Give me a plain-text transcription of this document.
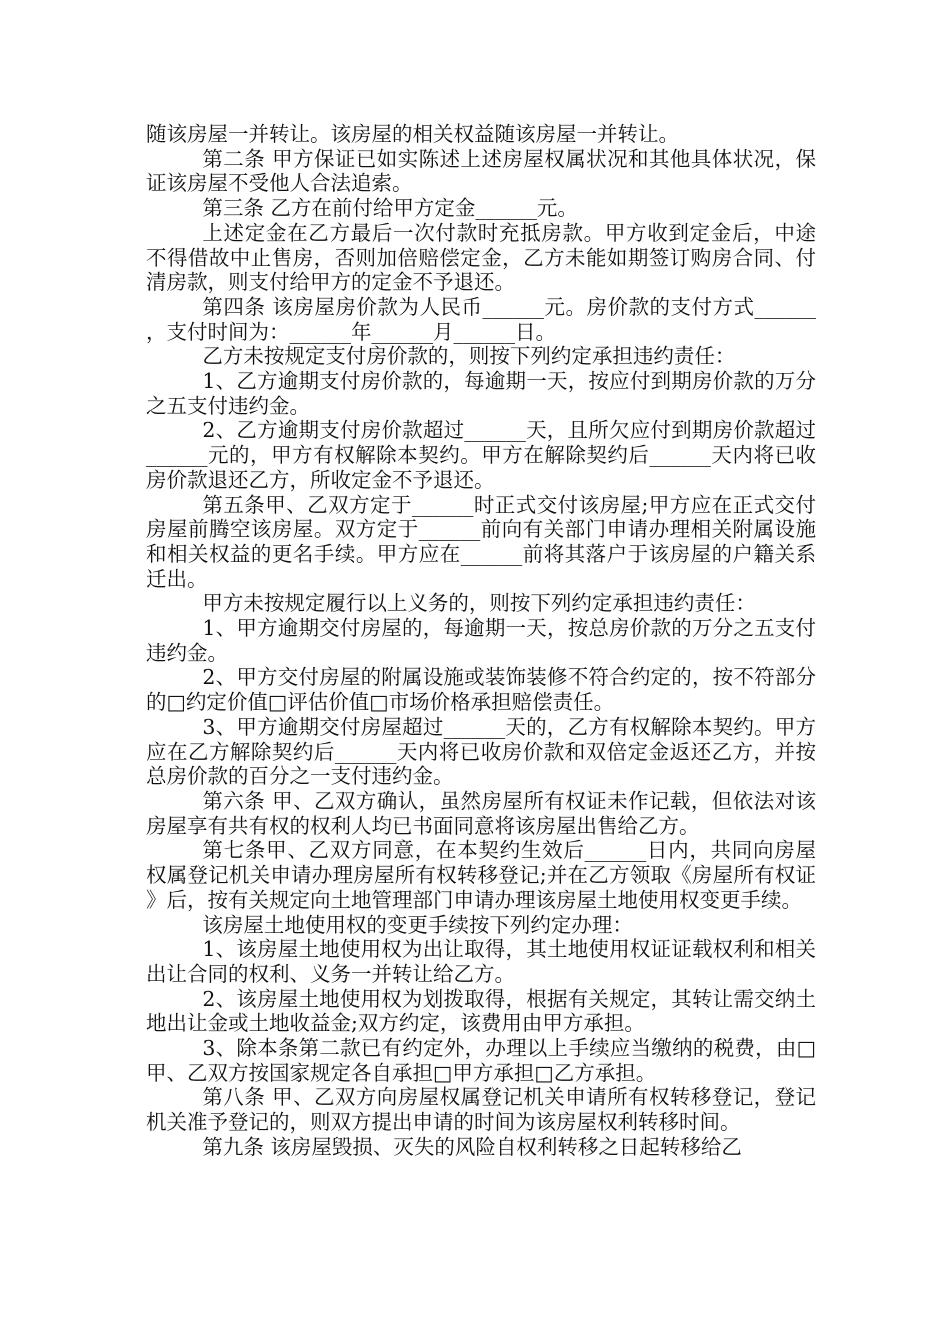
随该房屋一并转让。该房屋的相关权益随该房屋一并转让。

第二条 甲方保证已如实陈述上述房屋权属状况和其他具体状况，保证该房屋不受他人合法追索。

第三条 乙方在前付给甲方定金______元。

上述定金在乙方最后一次付款时充抵房款。甲方收到定金后，中途不得借故中止售房，否则加倍赔偿定金，乙方未能如期签订购房合同、付清房款，则支付给甲方的定金不予退还。

第四条 该房屋房价款为人民币______元。房价款的支付方式______，支付时间为：______年______月______日。

乙方未按规定支付房价款的，则按下列约定承担违约责任：

1、乙方逾期支付房价款的，每逾期一天，按应付到期房价款的万分之五支付违约金。

2、乙方逾期支付房价款超过______天，且所欠应付到期房价款超过______元的，甲方有权解除本契约。甲方在解除契约后______天内将已收房价款退还乙方，所收定金不予退还。

第五条甲、乙双方定于______时正式交付该房屋;甲方应在正式交付房屋前腾空该房屋。双方定于______前向有关部门申请办理相关附属设施和相关权益的更名手续。甲方应在______前将其落户于该房屋的户籍关系迁出。

甲方未按规定履行以上义务的，则按下列约定承担违约责任：

1、甲方逾期交付房屋的，每逾期一天，按总房价款的万分之五支付违约金。

2、甲方交付房屋的附属设施或装饰装修不符合约定的，按不符部分的□约定价值□评估价值□市场价格承担赔偿责任。

3、甲方逾期交付房屋超过______天的，乙方有权解除本契约。甲方应在乙方解除契约后______天内将已收房价款和双倍定金返还乙方，并按总房价款的百分之一支付违约金。

第六条 甲、乙双方确认，虽然房屋所有权证未作记载，但依法对该房屋享有共有权的权利人均已书面同意将该房屋出售给乙方。

第七条甲、乙双方同意，在本契约生效后______日内，共同向房屋权属登记机关申请办理房屋所有权转移登记;并在乙方领取《房屋所有权证》后，按有关规定向土地管理部门申请办理该房屋土地使用权变更手续。

该房屋土地使用权的变更手续按下列约定办理：

1、该房屋土地使用权为出让取得，其土地使用权证证载权利和相关出让合同的权利、义务一并转让给乙方。

2、该房屋土地使用权为划拨取得，根据有关规定，其转让需交纳土地出让金或土地收益金;双方约定，该费用由甲方承担。

3、除本条第二款已有约定外，办理以上手续应当缴纳的税费，由□甲、乙双方按国家规定各自承担□甲方承担□乙方承担。

第八条 甲、乙双方向房屋权属登记机关申请所有权转移登记，登记机关准予登记的，则双方提出申请的时间为该房屋权利转移时间。

第九条 该房屋毁损、灭失的风险自权利转移之日起转移给乙
